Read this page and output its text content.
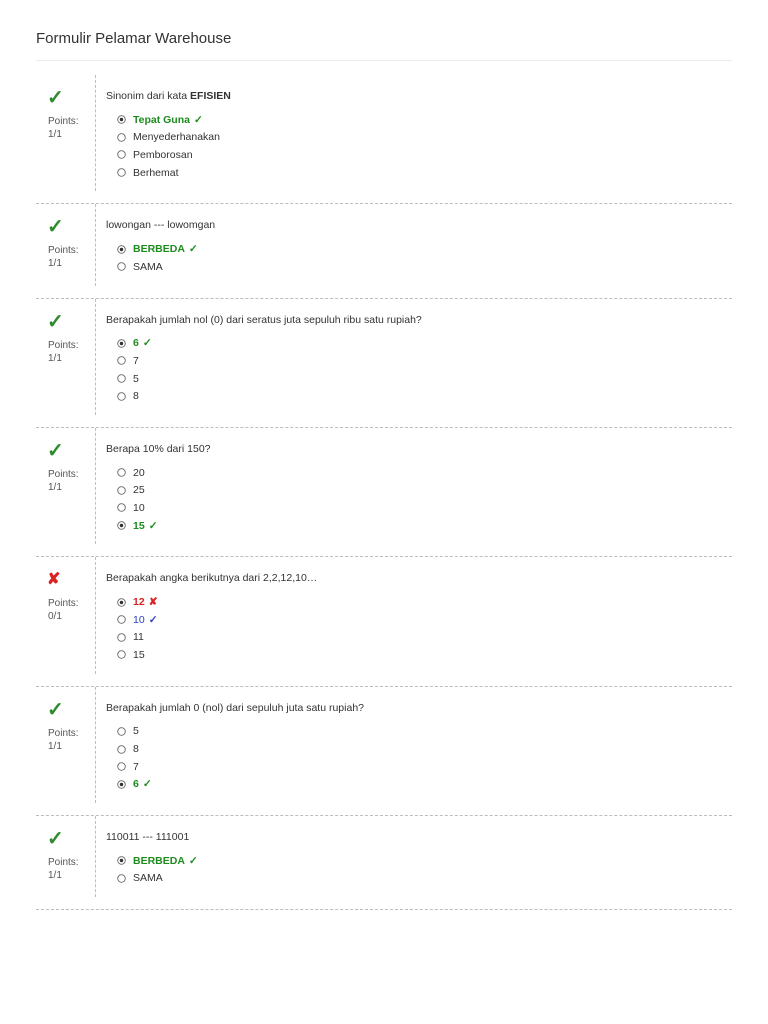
Formulir Pelamar Warehouse
✓
Points:
1/1
Sinonim dari kata EFISIEN
Tepat Guna ✓
Menyederhanakan
Pemborosan
Berhemat
✓
Points:
1/1
lowongan --- lowomgan
BERBEDA ✓
SAMA
✓
Points:
1/1
Berapakah jumlah nol (0) dari seratus juta sepuluh ribu satu rupiah?
6 ✓
7
5
8
✓
Points:
1/1
Berapa 10% dari 150?
20
25
10
15 ✓
✘
Points:
0/1
Berapakah angka berikutnya dari 2,2,12,10…
12 ✘
10 ✓
11
15
✓
Points:
1/1
Berapakah jumlah 0 (nol) dari sepuluh juta satu rupiah?
5
8
7
6 ✓
✓
Points:
1/1
110011 --- 111001
BERBEDA ✓
SAMA
